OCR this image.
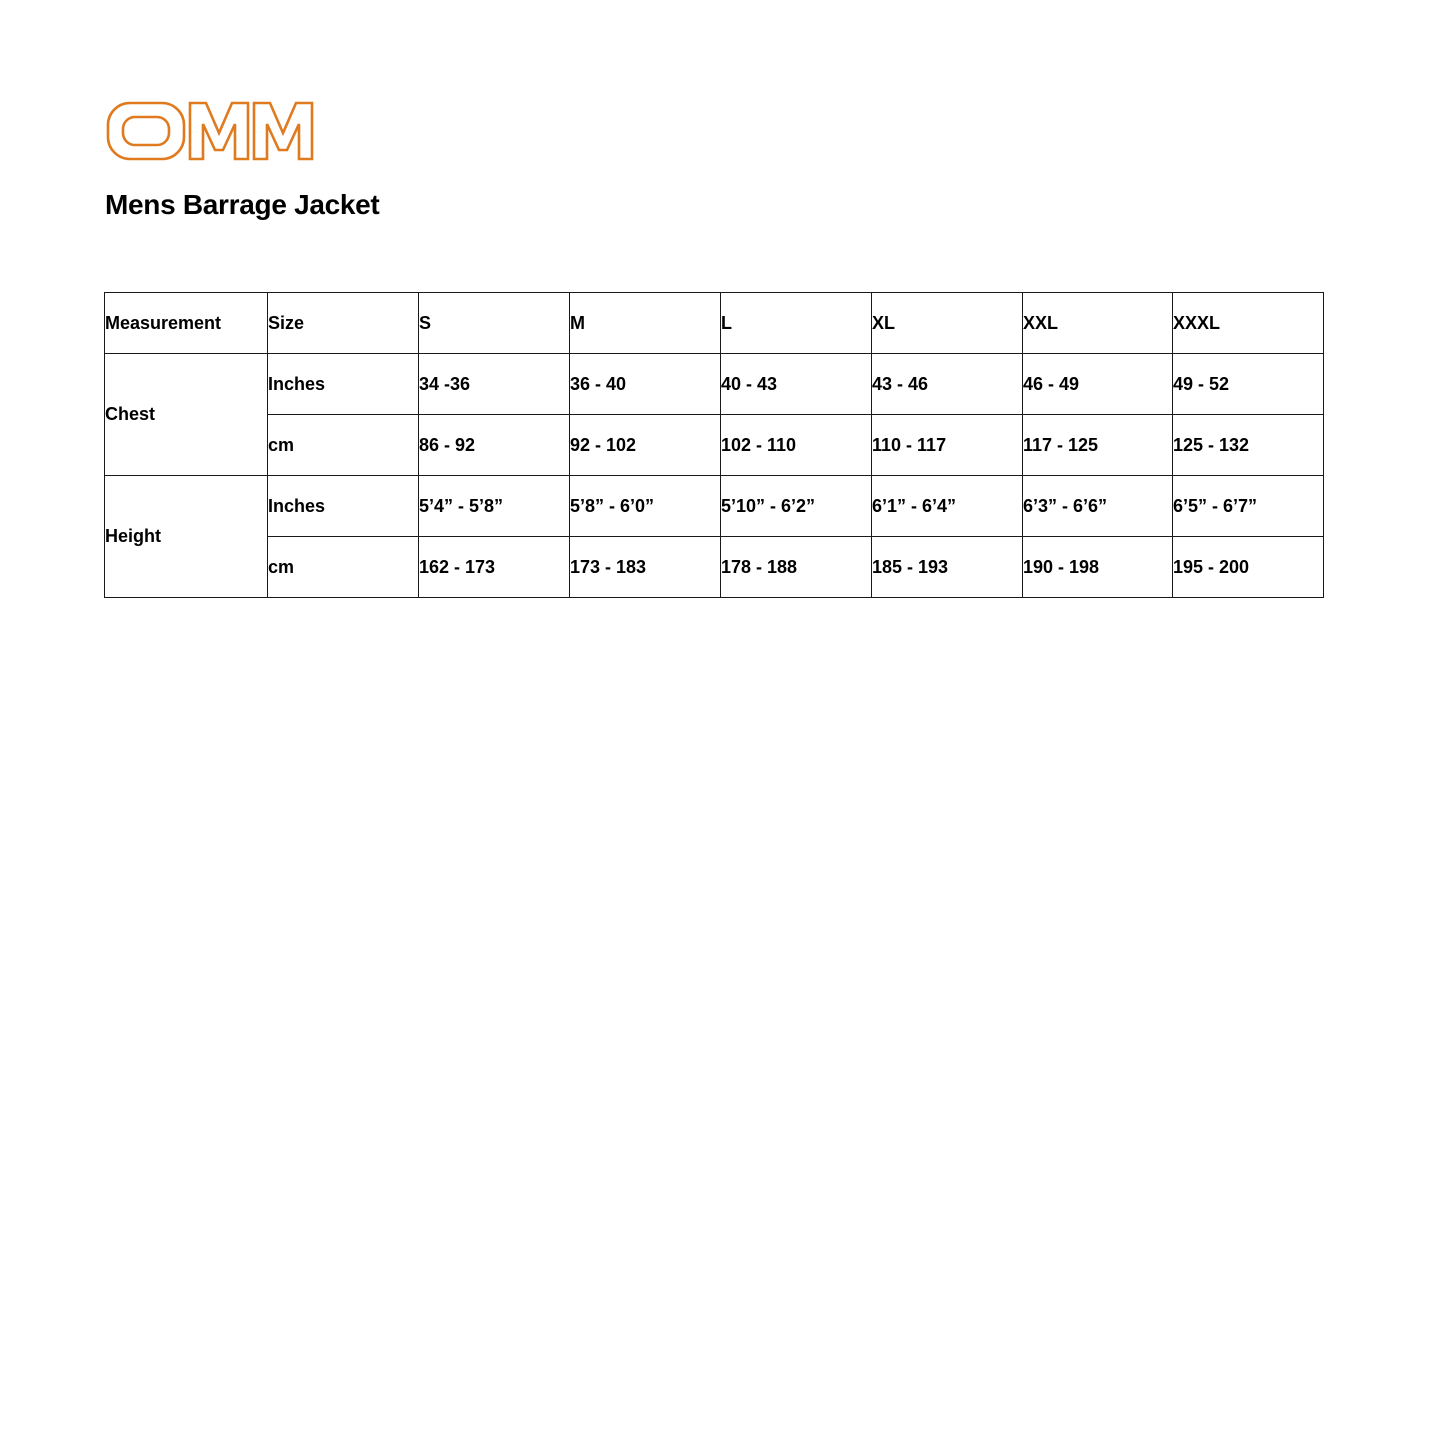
Mens Barrage Jacket
Measurement	Size	S	M	L	XL	XXL	XXXL
Chest	Inches	34 -36	36 - 40	40 - 43	43 - 46	46 - 49	49 - 52
	cm	86 - 92	92 - 102	102 - 110	110 - 117	117 - 125	125 - 132
Height	Inches	5’4” - 5’8”	5’8” - 6’0”	5’10” - 6’2”	6’1” - 6’4”	6’3” - 6’6”	6’5” - 6’7”
	cm	162 - 173	173 - 183	178 - 188	185 - 193	190 - 198	195 - 200
